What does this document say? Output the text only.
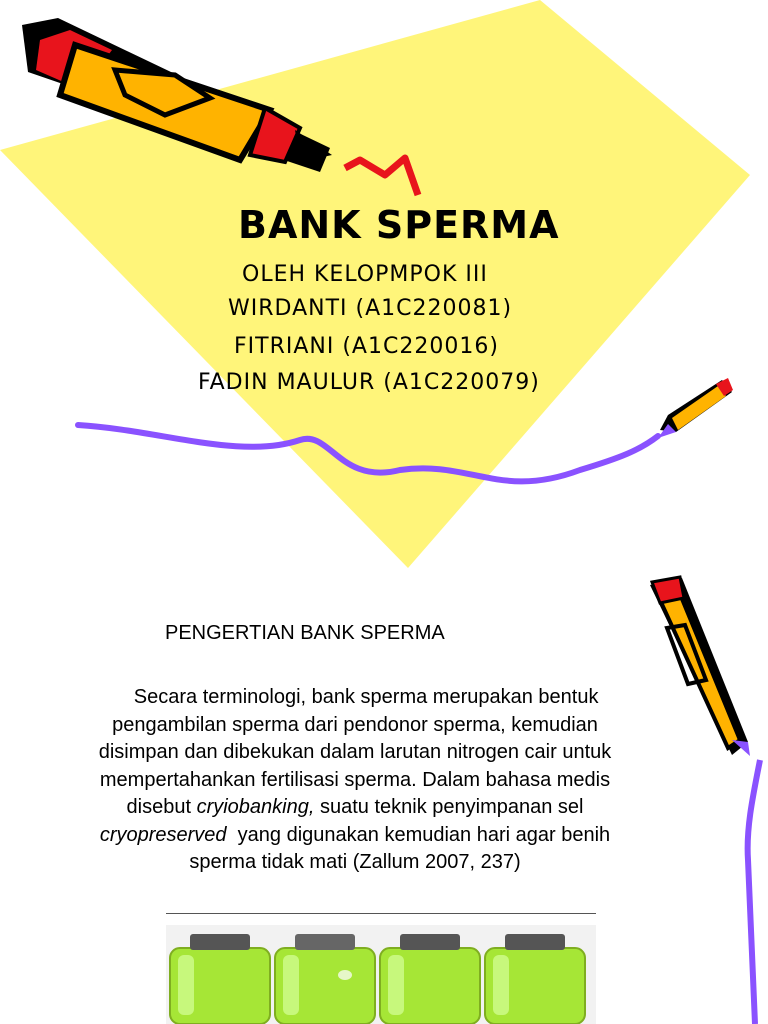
BANK SPERMA
OLEH KELOPMPOK III
WIRDANTI (A1C220081)
FITRIANI (A1C220016)
FADIN MAULUR (A1C220079)
PENGERTIAN BANK SPERMA
Secara terminologi, bank sperma merupakan bentuk pengambilan sperma dari pendonor sperma, kemudian disimpan dan dibekukan dalam larutan nitrogen cair untuk mempertahankan fertilisasi sperma. Dalam bahasa medis disebut cryiobanking, suatu teknik penyimpanan sel cryopreserved yang digunakan kemudian hari agar benih sperma tidak mati (Zallum 2007, 237)
